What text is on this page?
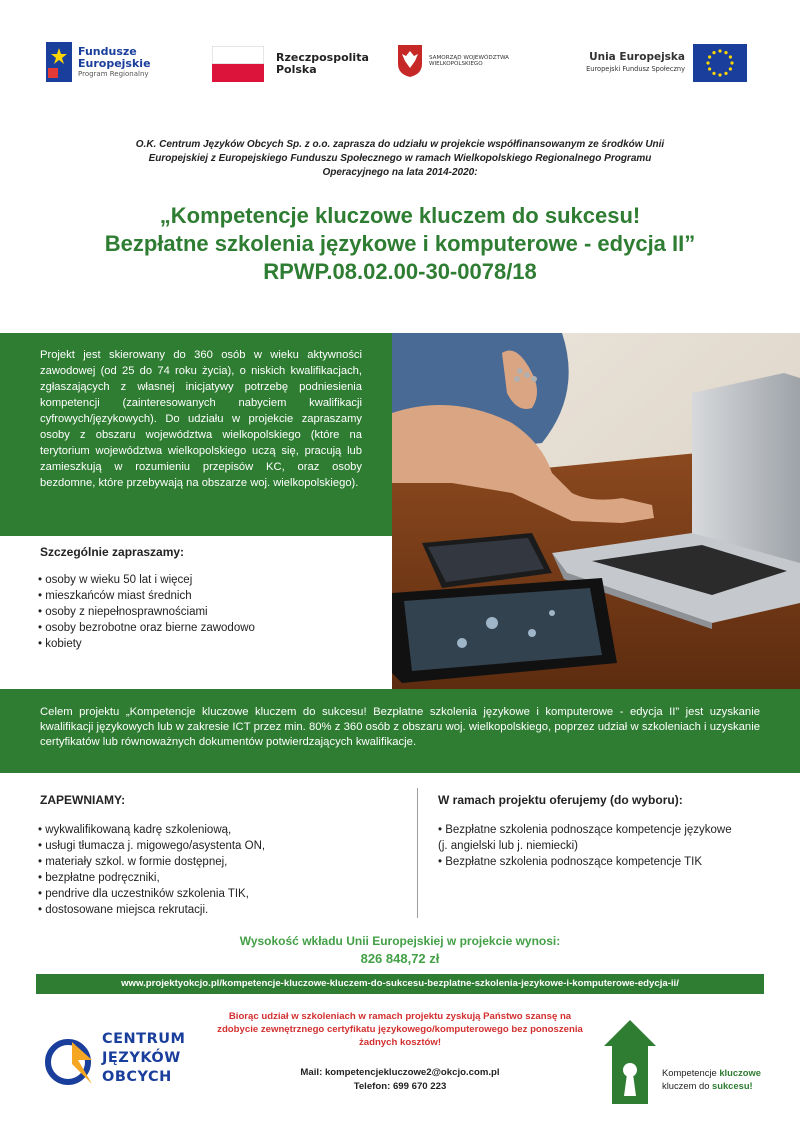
Fundusze
Europejskie
Program Regionalny
Rzeczpospolita
Polska
SAMORZĄD WOJEWÓDZTWA
WIELKOPOLSKIEGO
Unia Europejska
Europejski Fundusz Społeczny
O.K. Centrum Języków Obcych Sp. z o.o. zaprasza do udziału w projekcie współfinansowanym ze środków Unii Europejskiej z Europejskiego Funduszu Społecznego w ramach Wielkopolskiego Regionalnego Programu Operacyjnego na lata 2014-2020:
„Kompetencje kluczowe kluczem do sukcesu!
Bezpłatne szkolenia językowe i komputerowe - edycja II”
RPWP.08.02.00-30-0078/18

Projekt jest skierowany do 360 osób w wieku aktywności zawodowej (od 25 do 74 roku życia), o niskich kwalifikacjach, zgłaszających z własnej inicjatywy potrzebę podniesienia kompetencji (zainteresowanych nabyciem kwalifikacji cyfrowych/językowych). Do udziału w projekcie zapraszamy osoby z obszaru województwa wielkopolskiego (które na terytorium województwa wielkopolskiego uczą się, pracują lub zamieszkują w rozumieniu przepisów KC, oraz osoby bezdomne, które przebywają na obszarze woj. wielkopolskiego).

Szczególnie zapraszamy:
• osoby w wieku 50 lat i więcej
• mieszkańców miast średnich
• osoby z niepełnosprawnościami
• osoby bezrobotne oraz bierne zawodowo
• kobiety

Celem projektu „Kompetencje kluczowe kluczem do sukcesu! Bezpłatne szkolenia językowe i komputerowe - edycja II” jest uzyskanie kwalifikacji językowych lub w zakresie ICT przez min. 80% z 360 osób z obszaru woj. wielkopolskiego, poprzez udział w szkoleniach i uzyskanie certyfikatów lub równoważnych dokumentów potwierdzających kwalifikacje.

ZAPEWNIAMY:
• wykwalifikowaną kadrę szkoleniową,
• usługi tłumacza j. migowego/asystenta ON,
• materiały szkol. w formie dostępnej,
• bezpłatne podręczniki,
• pendrive dla uczestników szkolenia TIK,
• dostosowane miejsca rekrutacji.
W ramach projektu oferujemy (do wyboru):
• Bezpłatne szkolenia podnoszące kompetencje językowe (j. angielski lub j. niemiecki)
• Bezpłatne szkolenia podnoszące kompetencje TIK
Wysokość wkładu Unii Europejskiej w projekcie wynosi:
826 848,72 zł
www.projektyokcjo.pl/kompetencje-kluczowe-kluczem-do-sukcesu-bezplatne-szkolenia-jezykowe-i-komputerowe-edycja-ii/
CENTRUM
JĘZYKÓW
OBCYCH
Biorąc udział w szkoleniach w ramach projektu zyskują Państwo szansę na zdobycie zewnętrznego certyfikatu językowego/komputerowego bez ponoszenia żadnych kosztów!
Mail: kompetencjekluczowe2@okcjo.com.pl
Telefon: 699 670 223
Kompetencje kluczowe
kluczem do sukcesu!
